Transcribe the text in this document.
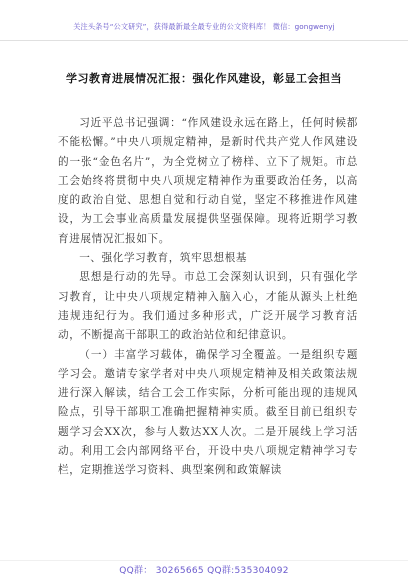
关注头条号“公文研究”，获得最新最全最专业的公文资料库！ 微信：gongwenyj
学习教育进展情况汇报：强化作风建设，彰显工会担当

习近平总书记强调：“作风建设永远在路上，任何时候都不能松懈。”中央八项规定精神，是新时代共产党人作风建设的一张“金色名片”，为全党树立了榜样、立下了规矩。市总工会始终将贯彻中央八项规定精神作为重要政治任务，以高度的政治自觉、思想自觉和行动自觉，坚定不移推进作风建设，为工会事业高质量发展提供坚强保障。现将近期学习教育进展情况汇报如下。

一、强化学习教育，筑牢思想根基

思想是行动的先导。市总工会深刻认识到，只有强化学习教育，让中央八项规定精神入脑入心，才能从源头上杜绝违规违纪行为。我们通过多种形式，广泛开展学习教育活动，不断提高干部职工的政治站位和纪律意识。

（一）丰富学习载体，确保学习全覆盖。一是组织专题学习会。邀请专家学者对中央八项规定精神及相关政策法规进行深入解读，结合工会工作实际，分析可能出现的违规风险点，引导干部职工准确把握精神实质。截至目前已组织专题学习会XX次，参与人数达XX人次。二是开展线上学习活动。利用工会内部网络平台，开设中央八项规定精神学习专栏，定期推送学习资料、典型案例和政策解读

QQ群： 30265665 QQ群:535304092
